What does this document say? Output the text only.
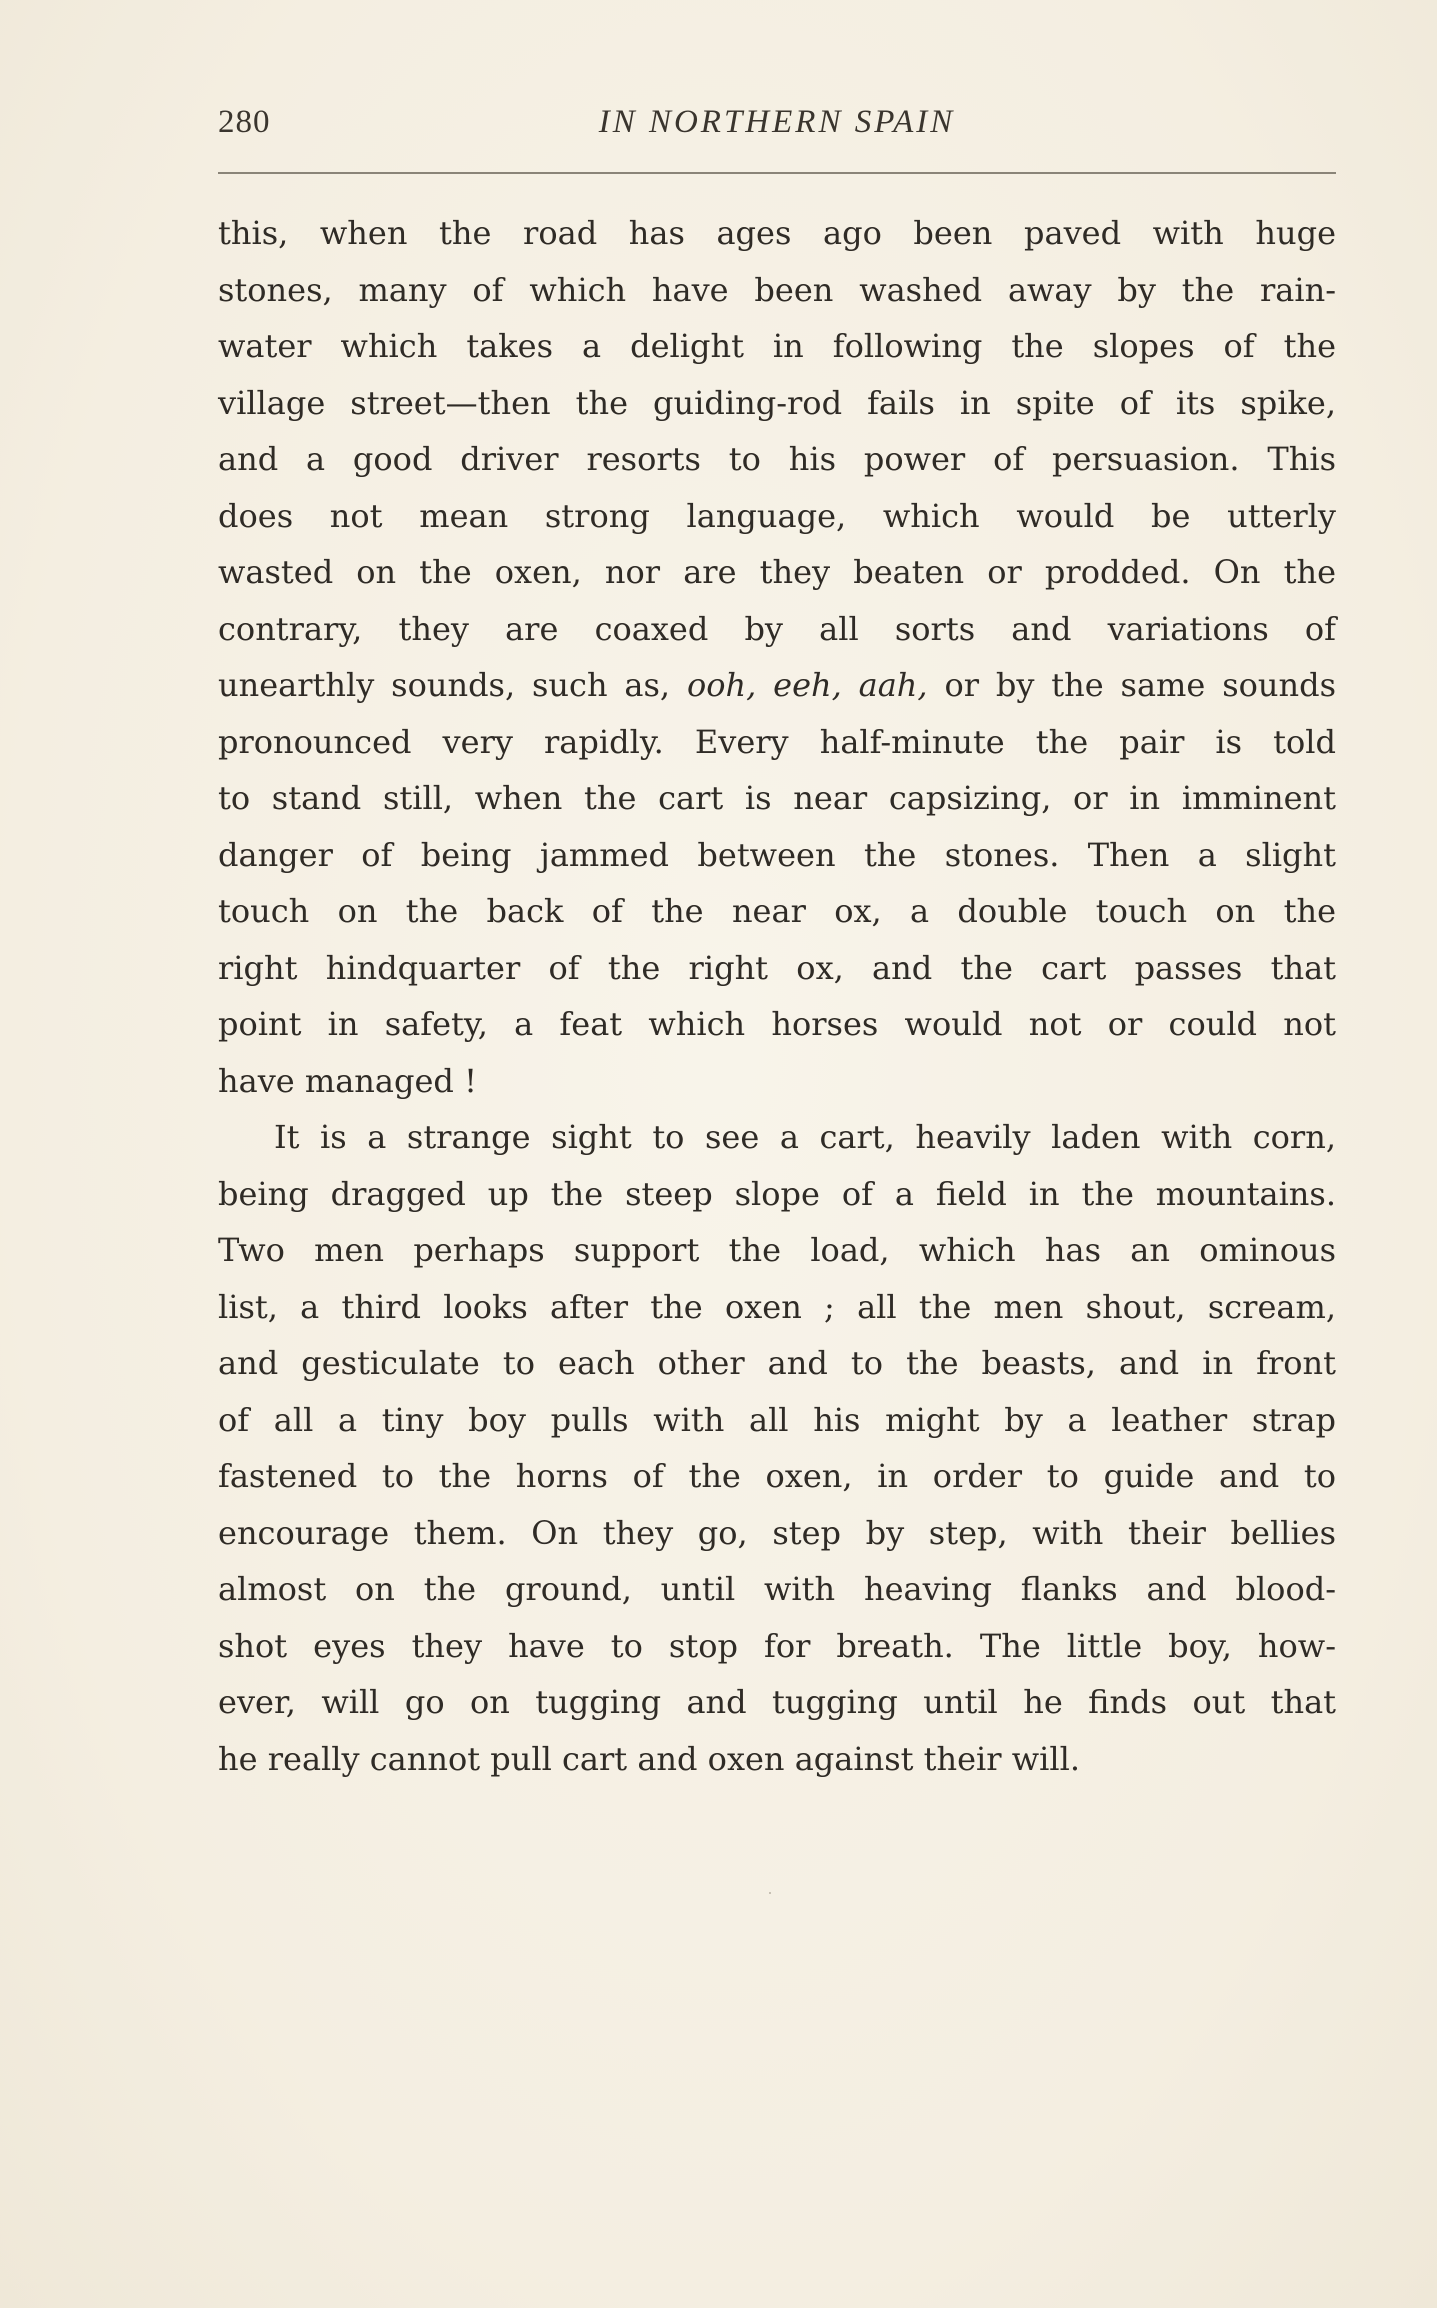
280	IN NORTHERN SPAIN
this, when the road has ages ago been paved with huge
stones, many of which have been washed away by the rain-
water which takes a delight in following the slopes of the
village street—then the guiding-rod fails in spite of its spike,
and a good driver resorts to his power of persuasion. This
does not mean strong language, which would be utterly
wasted on the oxen, nor are they beaten or prodded. On the
contrary, they are coaxed by all sorts and variations of
unearthly sounds, such as, ooh, eeh, aah, or by the same sounds
pronounced very rapidly. Every half-minute the pair is told
to stand still, when the cart is near capsizing, or in imminent
danger of being jammed between the stones. Then a slight
touch on the back of the near ox, a double touch on the
right hindquarter of the right ox, and the cart passes that
point in safety, a feat which horses would not or could not
have managed !
It is a strange sight to see a cart, heavily laden with corn,
being dragged up the steep slope of a field in the mountains.
Two men perhaps support the load, which has an ominous
list, a third looks after the oxen ; all the men shout, scream,
and gesticulate to each other and to the beasts, and in front
of all a tiny boy pulls with all his might by a leather strap
fastened to the horns of the oxen, in order to guide and to
encourage them. On they go, step by step, with their bellies
almost on the ground, until with heaving flanks and blood-
shot eyes they have to stop for breath. The little boy, how-
ever, will go on tugging and tugging until he finds out that
he really cannot pull cart and oxen against their will.
